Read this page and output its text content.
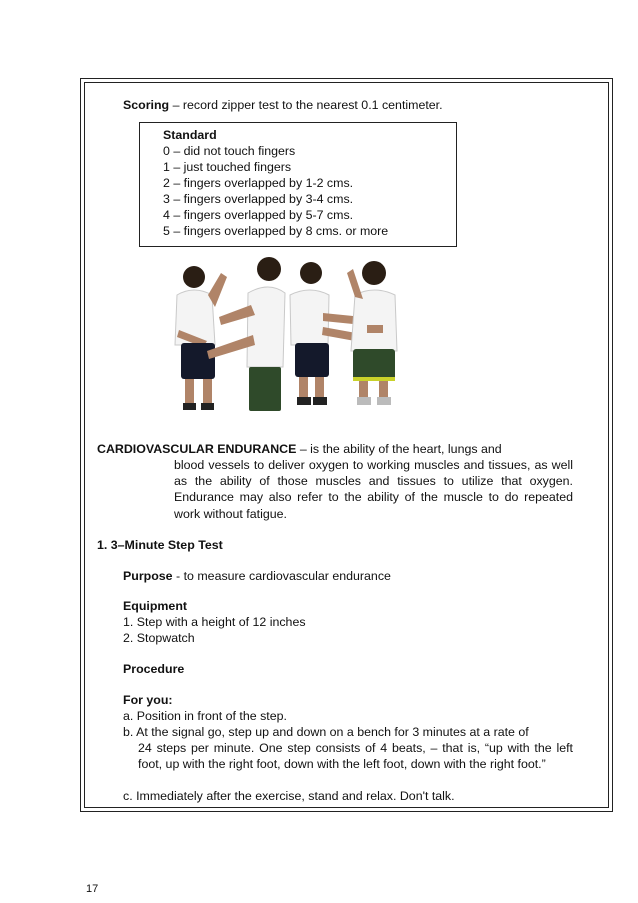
Scoring – record zipper test to the nearest 0.1 centimeter.
Standard
0 – did not touch fingers
1 – just touched fingers
2 – fingers overlapped by 1-2 cms.
3 – fingers overlapped by 3-4 cms.
4 – fingers overlapped by 5-7 cms.
5 – fingers overlapped by 8 cms. or more
CARDIOVASCULAR ENDURANCE – is the ability of the heart, lungs and
blood vessels to deliver oxygen to working muscles and tissues, as well as the ability of those muscles and tissues to utilize that oxygen. Endurance may also refer to the ability of the muscle to do repeated work without fatigue.
1. 3–Minute Step Test
Purpose - to measure cardiovascular endurance
Equipment
1. Step with a height of 12 inches
2. Stopwatch
Procedure
For you:
a. Position in front of the step.
b. At the signal go, step up and down on a bench for 3 minutes at a rate of
24 steps per minute. One step consists of 4 beats, – that is, “up with the left foot, up with the right foot, down with the left foot, down with the right foot.”
c. Immediately after the exercise, stand and relax. Don't talk.
17
